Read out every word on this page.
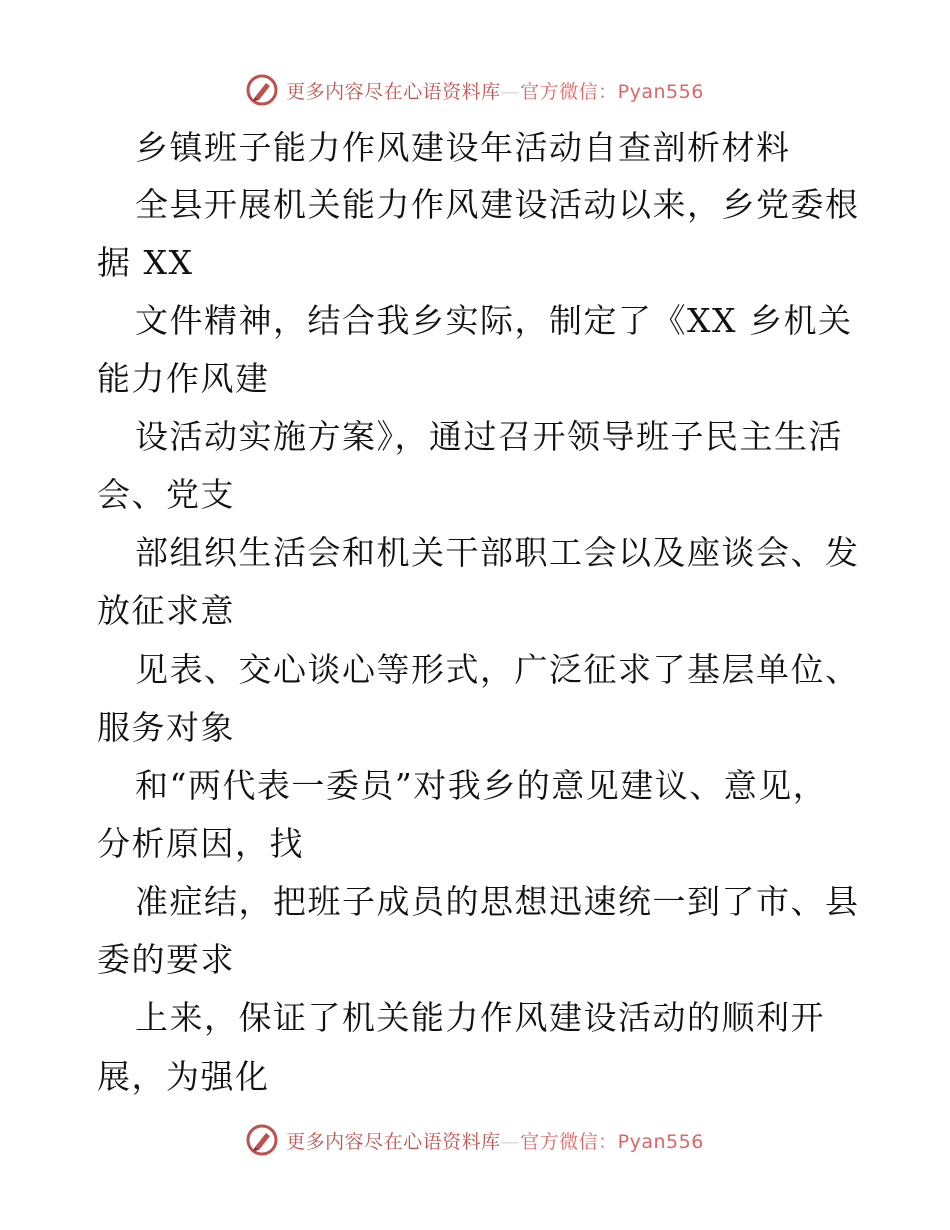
更多内容尽在心语资料库—官方微信：Pyan556
乡镇班子能力作风建设年活动自查剖析材料
全县开展机关能力作风建设活动以来，乡党委根
据 XX
文件精神，结合我乡实际，制定了《XX 乡机关
能力作风建
设活动实施方案》，通过召开领导班子民主生活
会、党支
部组织生活会和机关干部职工会以及座谈会、发
放征求意
见表、交心谈心等形式，广泛征求了基层单位、
服务对象
和“两代表一委员”对我乡的意见建议、意见，
分析原因，找
准症结，把班子成员的思想迅速统一到了市、县
委的要求
上来，保证了机关能力作风建设活动的顺利开
展，为强化
更多内容尽在心语资料库—官方微信：Pyan556
